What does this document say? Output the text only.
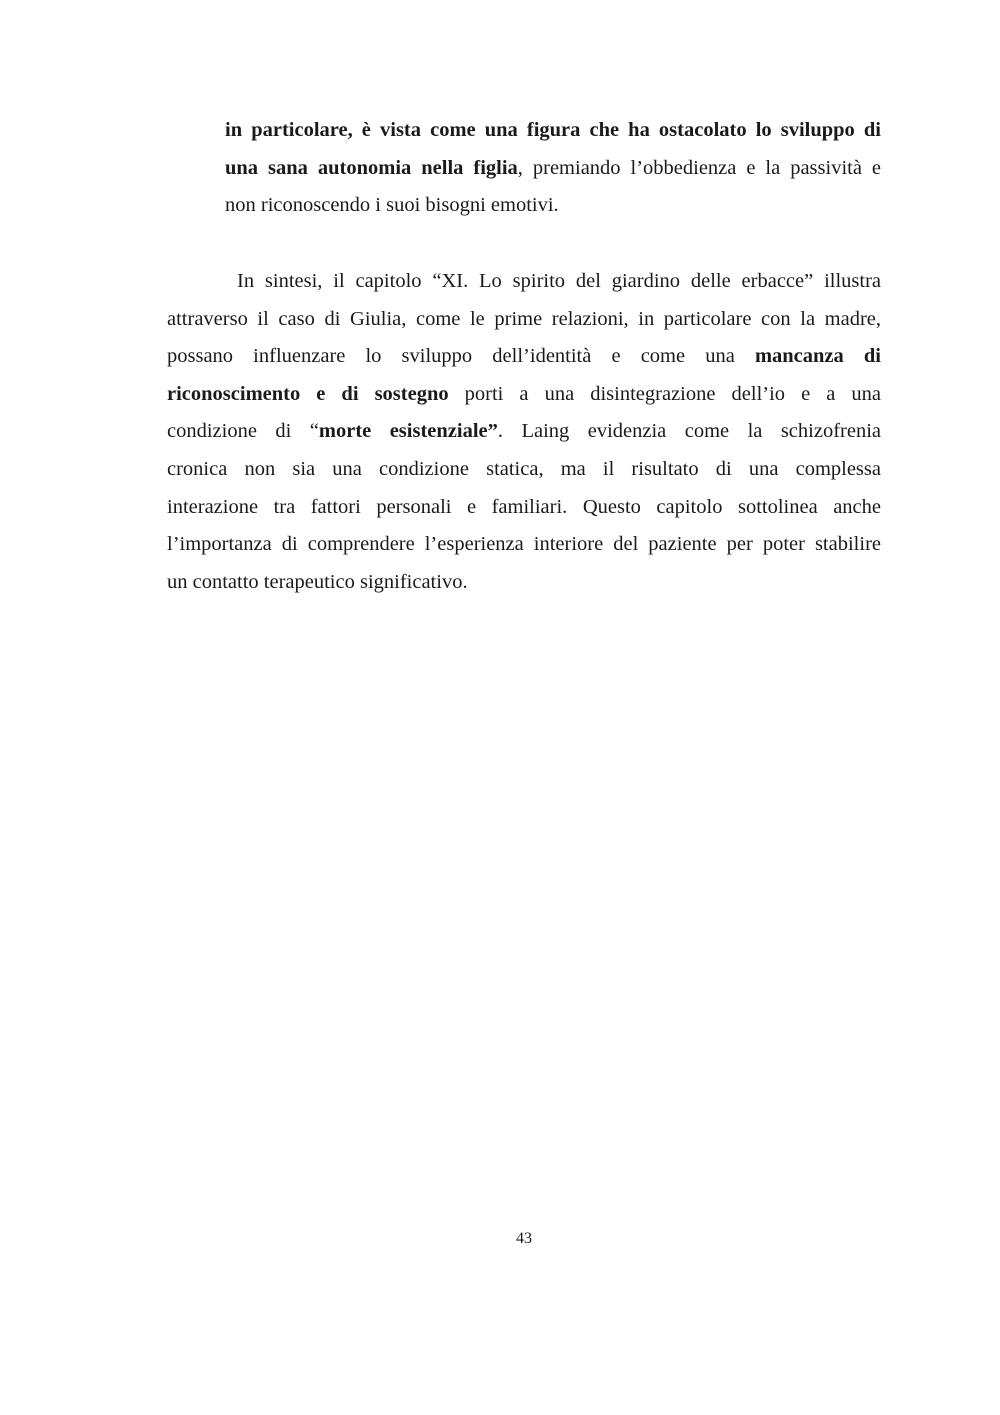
in particolare, è vista come una figura che ha ostacolato lo sviluppo di
una sana autonomia nella figlia, premiando l’obbedienza e la passività e
non riconoscendo i suoi bisogni emotivi.
In sintesi, il capitolo “XI. Lo spirito del giardino delle erbacce” illustra
attraverso il caso di Giulia, come le prime relazioni, in particolare con la madre,
possano influenzare lo sviluppo dell’identità e come una mancanza di
riconoscimento e di sostegno porti a una disintegrazione dell’io e a una
condizione di “morte esistenziale”. Laing evidenzia come la schizofrenia
cronica non sia una condizione statica, ma il risultato di una complessa
interazione tra fattori personali e familiari. Questo capitolo sottolinea anche
l’importanza di comprendere l’esperienza interiore del paziente per poter stabilire
un contatto terapeutico significativo.
43
